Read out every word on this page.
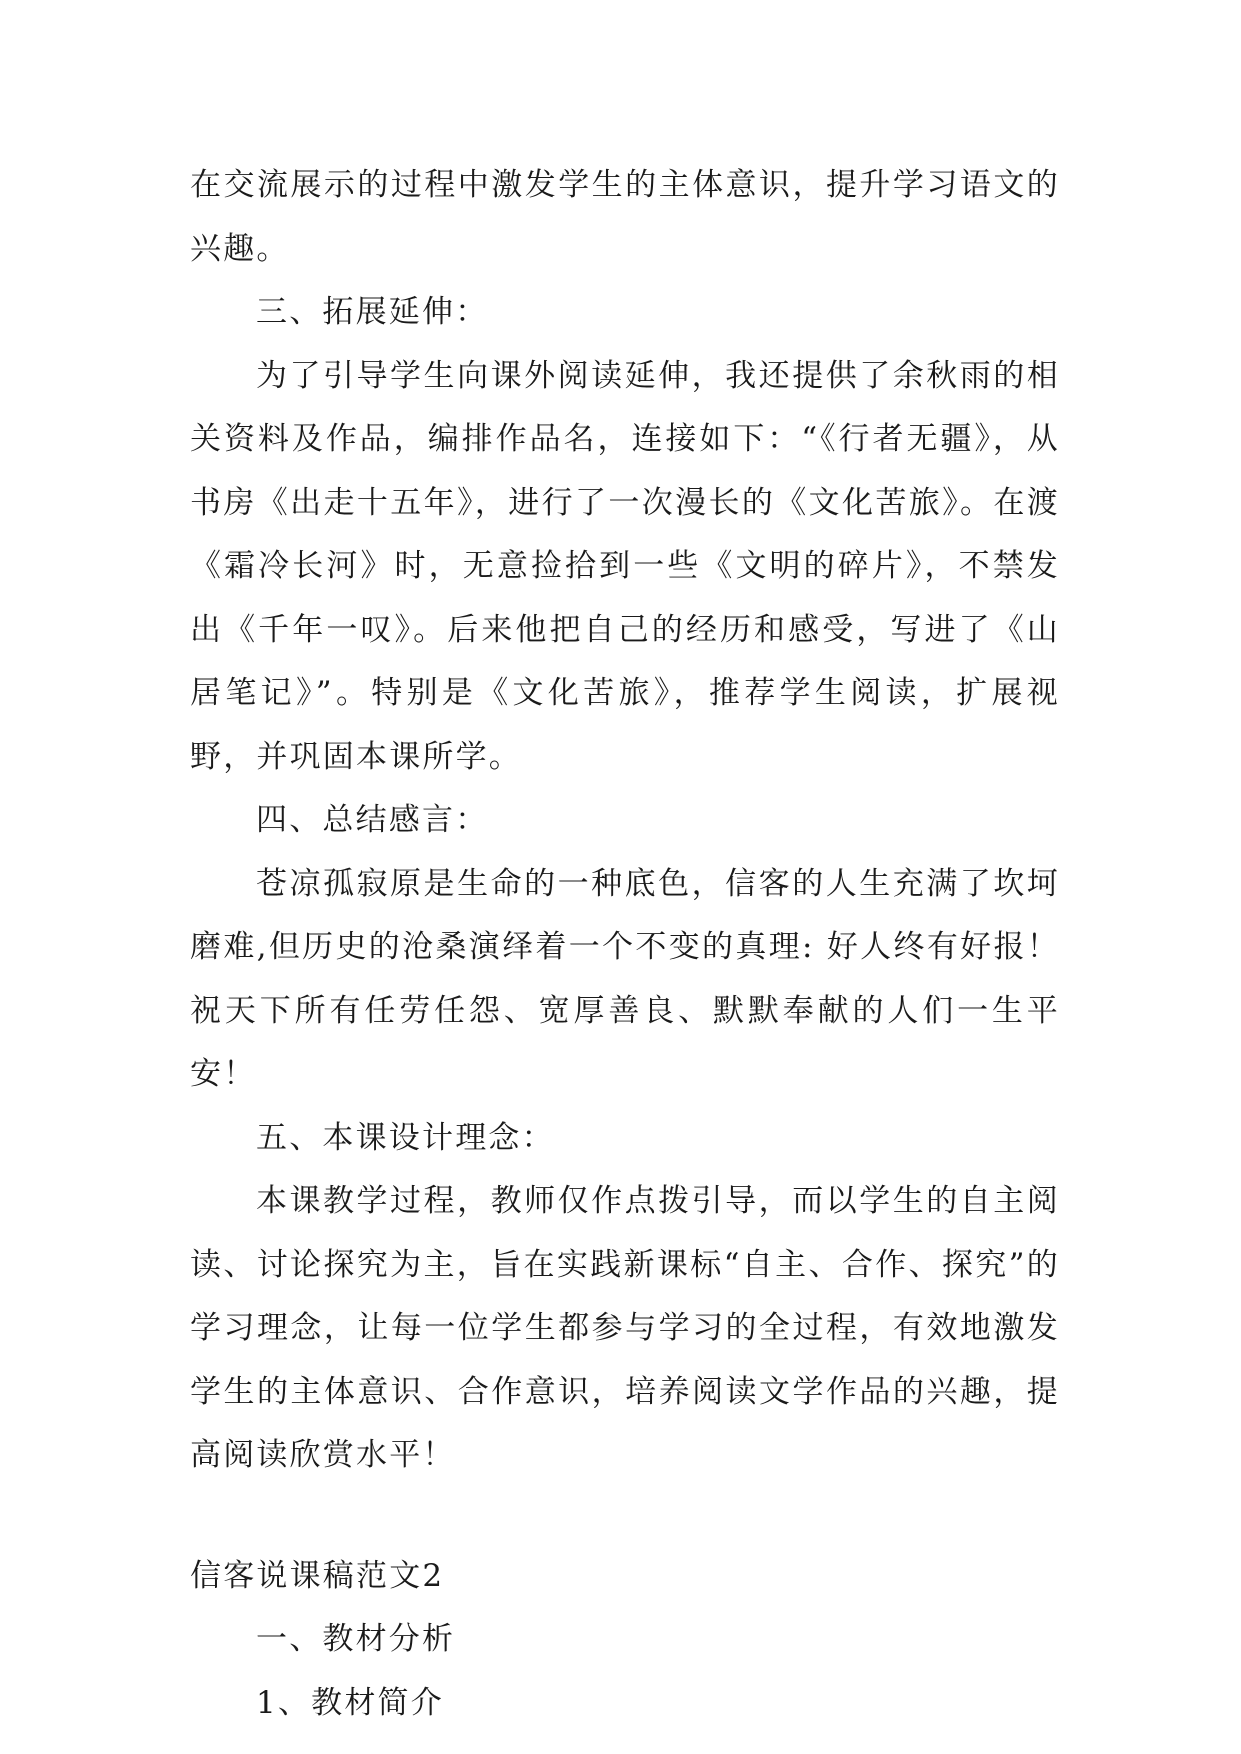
在交流展示的过程中激发学生的主体意识，提升学习语文的兴趣。

三、拓展延伸：

为了引导学生向课外阅读延伸，我还提供了余秋雨的相关资料及作品，编排作品名，连接如下：“《行者无疆》，从书房《出走十五年》，进行了一次漫长的《文化苦旅》。在渡《霜冷长河》时，无意捡拾到一些《文明的碎片》，不禁发出《千年一叹》。后来他把自己的经历和感受，写进了《山居笔记》”。特别是《文化苦旅》，推荐学生阅读，扩展视野，并巩固本课所学。

四、总结感言：

苍凉孤寂原是生命的一种底色，信客的人生充满了坎坷磨难,但历史的沧桑演绎着一个不变的真理: 好人终有好报！祝天下所有任劳任怨、宽厚善良、默默奉献的人们一生平安！

五、本课设计理念：

本课教学过程，教师仅作点拨引导，而以学生的自主阅读、讨论探究为主，旨在实践新课标“自主、合作、探究”的学习理念，让每一位学生都参与学习的全过程，有效地激发学生的主体意识、合作意识，培养阅读文学作品的兴趣，提高阅读欣赏水平！

信客说课稿范文2

一、教材分析

1、教材简介
